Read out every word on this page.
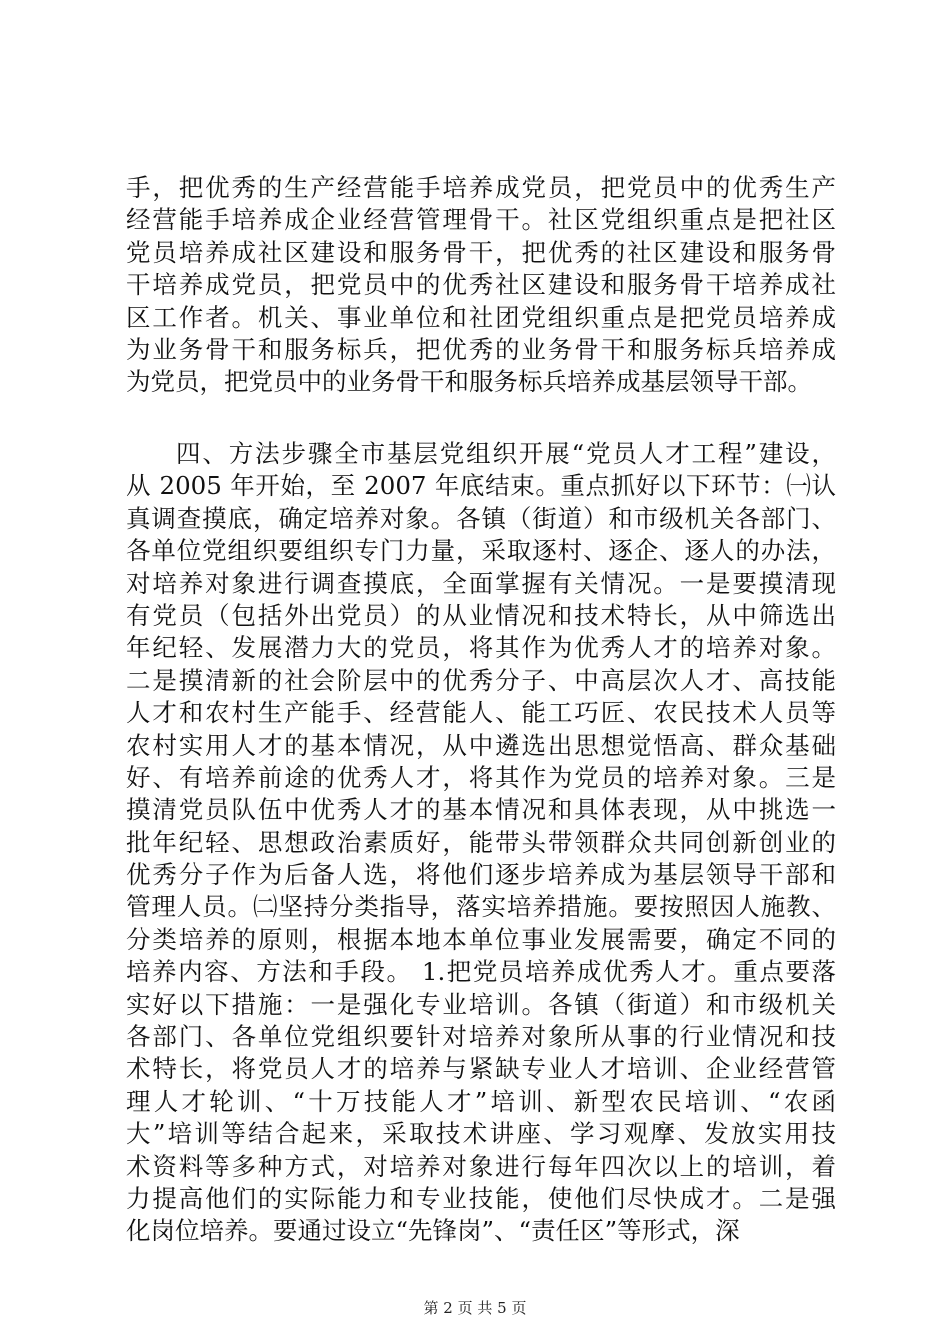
手，把优秀的生产经营能手培养成党员，把党员中的优秀生产
经营能手培养成企业经营管理骨干。社区党组织重点是把社区
党员培养成社区建设和服务骨干，把优秀的社区建设和服务骨
干培养成党员，把党员中的优秀社区建设和服务骨干培养成社
区工作者。机关、事业单位和社团党组织重点是把党员培养成
为业务骨干和服务标兵，把优秀的业务骨干和服务标兵培养成
为党员，把党员中的业务骨干和服务标兵培养成基层领导干部。
四、方法步骤全市基层党组织开展“党员人才工程”建设，
从 2005 年开始，至 2007 年底结束。重点抓好以下环节：㈠认
真调查摸底，确定培养对象。各镇（街道）和市级机关各部门、
各单位党组织要组织专门力量，采取逐村、逐企、逐人的办法，
对培养对象进行调查摸底，全面掌握有关情况。一是要摸清现
有党员（包括外出党员）的从业情况和技术特长，从中筛选出
年纪轻、发展潜力大的党员，将其作为优秀人才的培养对象。
二是摸清新的社会阶层中的优秀分子、中高层次人才、高技能
人才和农村生产能手、经营能人、能工巧匠、农民技术人员等
农村实用人才的基本情况，从中遴选出思想觉悟高、群众基础
好、有培养前途的优秀人才，将其作为党员的培养对象。三是
摸清党员队伍中优秀人才的基本情况和具体表现，从中挑选一
批年纪轻、思想政治素质好，能带头带领群众共同创新创业的
优秀分子作为后备人选，将他们逐步培养成为基层领导干部和
管理人员。㈡坚持分类指导，落实培养措施。要按照因人施教、
分类培养的原则，根据本地本单位事业发展需要，确定不同的
培养内容、方法和手段。 1.把党员培养成优秀人才。重点要落
实好以下措施：一是强化专业培训。各镇（街道）和市级机关
各部门、各单位党组织要针对培养对象所从事的行业情况和技
术特长，将党员人才的培养与紧缺专业人才培训、企业经营管
理人才轮训、“十万技能人才”培训、新型农民培训、“农函
大”培训等结合起来，采取技术讲座、学习观摩、发放实用技
术资料等多种方式，对培养对象进行每年四次以上的培训，着
力提高他们的实际能力和专业技能，使他们尽快成才。二是强
化岗位培养。要通过设立“先锋岗”、“责任区”等形式，深
第 2 页 共 5 页
